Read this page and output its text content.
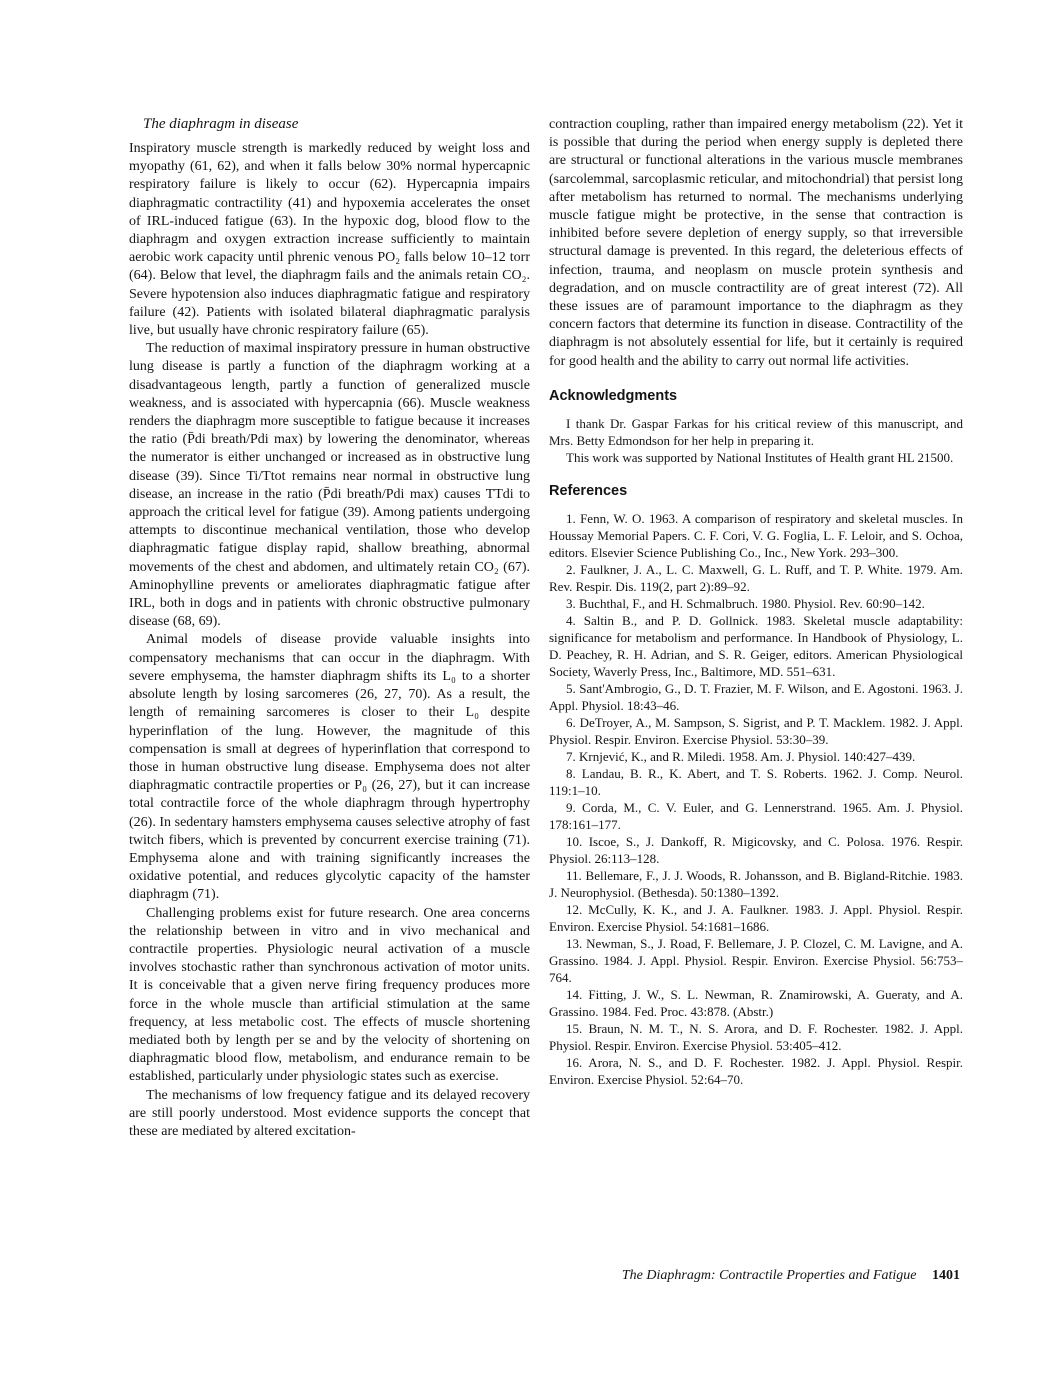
The diaphragm in disease

Inspiratory muscle strength is markedly reduced by weight loss and myopathy (61, 62), and when it falls below 30% normal hypercapnic respiratory failure is likely to occur (62). Hypercapnia impairs diaphragmatic contractility (41) and hypoxemia accelerates the onset of IRL-induced fatigue (63). In the hypoxic dog, blood flow to the diaphragm and oxygen extraction increase sufficiently to maintain aerobic work capacity until phrenic venous PO₂ falls below 10–12 torr (64). Below that level, the diaphragm fails and the animals retain CO₂. Severe hypotension also induces diaphragmatic fatigue and respiratory failure (42). Patients with isolated bilateral diaphragmatic paralysis live, but usually have chronic respiratory failure (65).

The reduction of maximal inspiratory pressure in human obstructive lung disease is partly a function of the diaphragm working at a disadvantageous length, partly a function of generalized muscle weakness, and is associated with hypercapnia (66). Muscle weakness renders the diaphragm more susceptible to fatigue because it increases the ratio (P̄di breath/Pdi max) by lowering the denominator, whereas the numerator is either unchanged or increased as in obstructive lung disease (39). Since Ti/Ttot remains near normal in obstructive lung disease, an increase in the ratio (P̄di breath/Pdi max) causes TTdi to approach the critical level for fatigue (39). Among patients undergoing attempts to discontinue mechanical ventilation, those who develop diaphragmatic fatigue display rapid, shallow breathing, abnormal movements of the chest and abdomen, and ultimately retain CO₂ (67). Aminophylline prevents or ameliorates diaphragmatic fatigue after IRL, both in dogs and in patients with chronic obstructive pulmonary disease (68, 69).

Animal models of disease provide valuable insights into compensatory mechanisms that can occur in the diaphragm. With severe emphysema, the hamster diaphragm shifts its L₀ to a shorter absolute length by losing sarcomeres (26, 27, 70). As a result, the length of remaining sarcomeres is closer to their L₀ despite hyperinflation of the lung. However, the magnitude of this compensation is small at degrees of hyperinflation that correspond to those in human obstructive lung disease. Emphysema does not alter diaphragmatic contractile properties or P₀ (26, 27), but it can increase total contractile force of the whole diaphragm through hypertrophy (26). In sedentary hamsters emphysema causes selective atrophy of fast twitch fibers, which is prevented by concurrent exercise training (71). Emphysema alone and with training significantly increases the oxidative potential, and reduces glycolytic capacity of the hamster diaphragm (71).

Challenging problems exist for future research. One area concerns the relationship between in vitro and in vivo mechanical and contractile properties. Physiologic neural activation of a muscle involves stochastic rather than synchronous activation of motor units. It is conceivable that a given nerve firing frequency produces more force in the whole muscle than artificial stimulation at the same frequency, at less metabolic cost. The effects of muscle shortening mediated both by length per se and by the velocity of shortening on diaphragmatic blood flow, metabolism, and endurance remain to be established, particularly under physiologic states such as exercise.

The mechanisms of low frequency fatigue and its delayed recovery are still poorly understood. Most evidence supports the concept that these are mediated by altered excitation-

contraction coupling, rather than impaired energy metabolism (22). Yet it is possible that during the period when energy supply is depleted there are structural or functional alterations in the various muscle membranes (sarcolemmal, sarcoplasmic reticular, and mitochondrial) that persist long after metabolism has returned to normal. The mechanisms underlying muscle fatigue might be protective, in the sense that contraction is inhibited before severe depletion of energy supply, so that irreversible structural damage is prevented. In this regard, the deleterious effects of infection, trauma, and neoplasm on muscle protein synthesis and degradation, and on muscle contractility are of great interest (72). All these issues are of paramount importance to the diaphragm as they concern factors that determine its function in disease. Contractility of the diaphragm is not absolutely essential for life, but it certainly is required for good health and the ability to carry out normal life activities.

Acknowledgments

I thank Dr. Gaspar Farkas for his critical review of this manuscript, and Mrs. Betty Edmondson for her help in preparing it.

This work was supported by National Institutes of Health grant HL 21500.

References

1. Fenn, W. O. 1963. A comparison of respiratory and skeletal muscles. In Houssay Memorial Papers. C. F. Cori, V. G. Foglia, L. F. Leloir, and S. Ochoa, editors. Elsevier Science Publishing Co., Inc., New York. 293–300.

2. Faulkner, J. A., L. C. Maxwell, G. L. Ruff, and T. P. White. 1979. Am. Rev. Respir. Dis. 119(2, part 2):89–92.

3. Buchthal, F., and H. Schmalbruch. 1980. Physiol. Rev. 60:90–142.

4. Saltin B., and P. D. Gollnick. 1983. Skeletal muscle adaptability: significance for metabolism and performance. In Handbook of Physiology, L. D. Peachey, R. H. Adrian, and S. R. Geiger, editors. American Physiological Society, Waverly Press, Inc., Baltimore, MD. 551–631.

5. Sant'Ambrogio, G., D. T. Frazier, M. F. Wilson, and E. Agostoni. 1963. J. Appl. Physiol. 18:43–46.

6. DeTroyer, A., M. Sampson, S. Sigrist, and P. T. Macklem. 1982. J. Appl. Physiol. Respir. Environ. Exercise Physiol. 53:30–39.

7. Krnjević, K., and R. Miledi. 1958. Am. J. Physiol. 140:427–439.

8. Landau, B. R., K. Abert, and T. S. Roberts. 1962. J. Comp. Neurol. 119:1–10.

9. Corda, M., C. V. Euler, and G. Lennerstrand. 1965. Am. J. Physiol. 178:161–177.

10. Iscoe, S., J. Dankoff, R. Migicovsky, and C. Polosa. 1976. Respir. Physiol. 26:113–128.

11. Bellemare, F., J. J. Woods, R. Johansson, and B. Bigland-Ritchie. 1983. J. Neurophysiol. (Bethesda). 50:1380–1392.

12. McCully, K. K., and J. A. Faulkner. 1983. J. Appl. Physiol. Respir. Environ. Exercise Physiol. 54:1681–1686.

13. Newman, S., J. Road, F. Bellemare, J. P. Clozel, C. M. Lavigne, and A. Grassino. 1984. J. Appl. Physiol. Respir. Environ. Exercise Physiol. 56:753–764.

14. Fitting, J. W., S. L. Newman, R. Znamirowski, A. Gueraty, and A. Grassino. 1984. Fed. Proc. 43:878. (Abstr.)

15. Braun, N. M. T., N. S. Arora, and D. F. Rochester. 1982. J. Appl. Physiol. Respir. Environ. Exercise Physiol. 53:405–412.

16. Arora, N. S., and D. F. Rochester. 1982. J. Appl. Physiol. Respir. Environ. Exercise Physiol. 52:64–70.

The Diaphragm: Contractile Properties and Fatigue 1401
